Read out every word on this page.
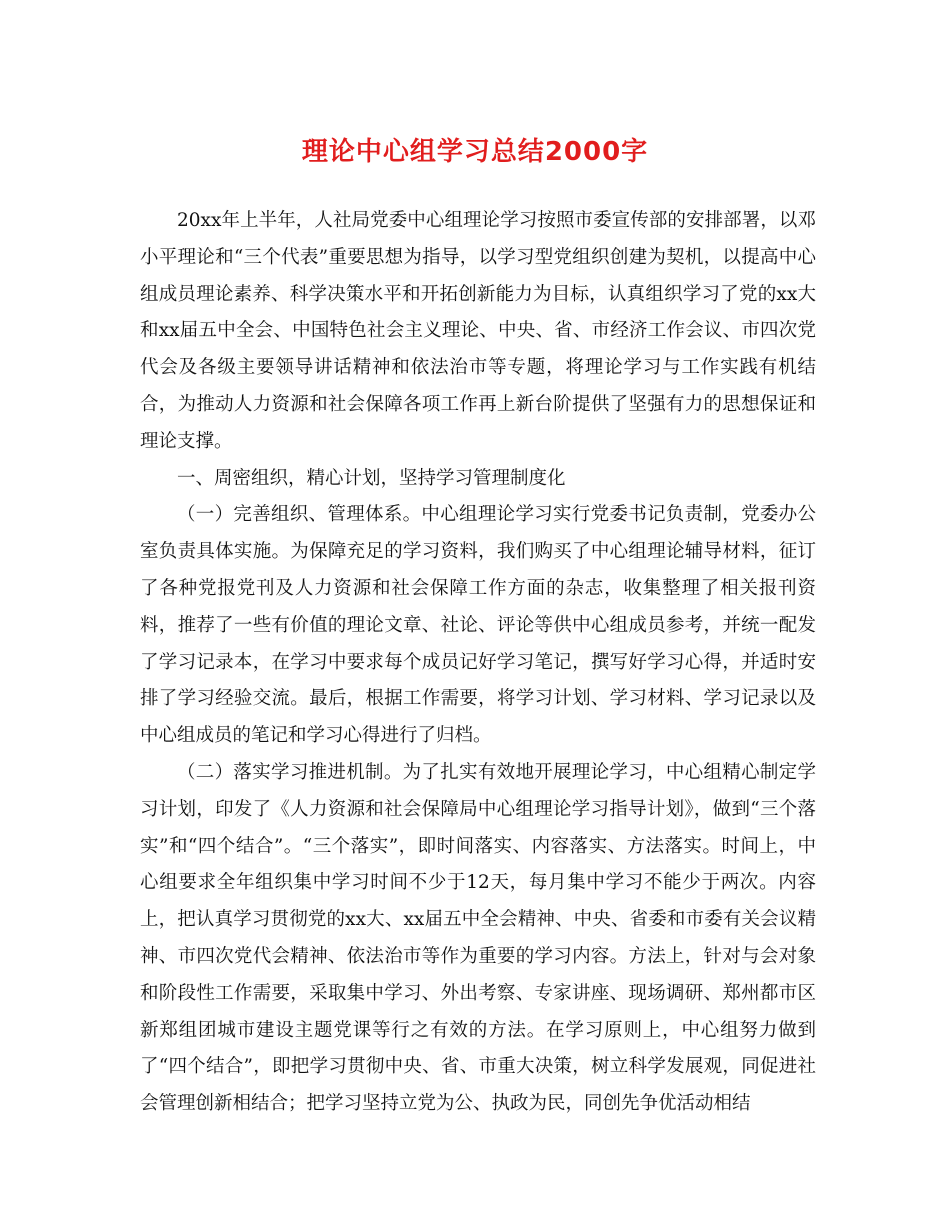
理论中心组学习总结2000字

20xx年上半年，人社局党委中心组理论学习按照市委宣传部的安排部署，以邓小平理论和“三个代表”重要思想为指导，以学习型党组织创建为契机，以提高中心组成员理论素养、科学决策水平和开拓创新能力为目标，认真组织学习了党的xx大和xx届五中全会、中国特色社会主义理论、中央、省、市经济工作会议、市四次党代会及各级主要领导讲话精神和依法治市等专题，将理论学习与工作实践有机结合，为推动人力资源和社会保障各项工作再上新台阶提供了坚强有力的思想保证和理论支撑。

一、周密组织，精心计划，坚持学习管理制度化

（一）完善组织、管理体系。中心组理论学习实行党委书记负责制，党委办公室负责具体实施。为保障充足的学习资料，我们购买了中心组理论辅导材料，征订了各种党报党刊及人力资源和社会保障工作方面的杂志，收集整理了相关报刊资料，推荐了一些有价值的理论文章、社论、评论等供中心组成员参考，并统一配发了学习记录本，在学习中要求每个成员记好学习笔记，撰写好学习心得，并适时安排了学习经验交流。最后，根据工作需要，将学习计划、学习材料、学习记录以及中心组成员的笔记和学习心得进行了归档。

（二）落实学习推进机制。为了扎实有效地开展理论学习，中心组精心制定学习计划，印发了《人力资源和社会保障局中心组理论学习指导计划》，做到“三个落实”和“四个结合”。“三个落实”，即时间落实、内容落实、方法落实。时间上，中心组要求全年组织集中学习时间不少于12天，每月集中学习不能少于两次。内容上，把认真学习贯彻党的xx大、xx届五中全会精神、中央、省委和市委有关会议精神、市四次党代会精神、依法治市等作为重要的学习内容。方法上，针对与会对象和阶段性工作需要，采取集中学习、外出考察、专家讲座、现场调研、郑州都市区新郑组团城市建设主题党课等行之有效的方法。在学习原则上，中心组努力做到了“四个结合”，即把学习贯彻中央、省、市重大决策，树立科学发展观，同促进社会管理创新相结合；把学习坚持立党为公、执政为民，同创先争优活动相结
